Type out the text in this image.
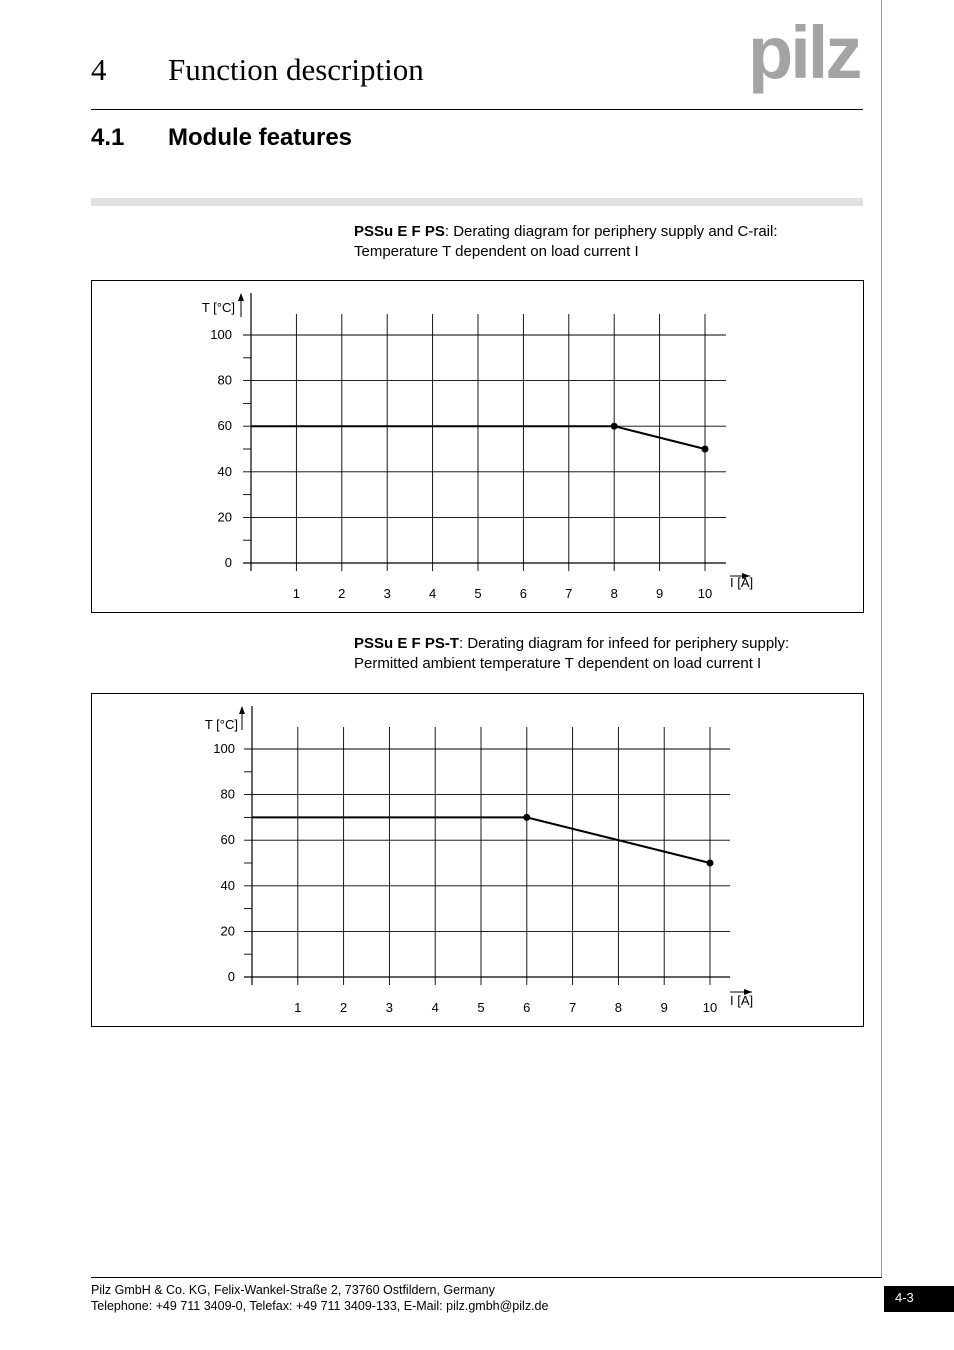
4 Function description	pilz
4.1 Module features
PSSu E F PS: Derating diagram for periphery supply and C-rail:
Temperature T dependent on load current I
0
20
40
60
80
100
1	2	3	4	5	6	7	8	9	10
T [°C]
I [A]
PSSu E F PS-T: Derating diagram for infeed for periphery supply:
Permitted ambient temperature T dependent on load current I
0
20
40
60
80
100
1	2	3	4	5	6	7	8	9	10
T [°C]
I [A]
Pilz GmbH & Co. KG, Felix-Wankel-Straße 2, 73760 Ostfildern, Germany
Telephone: +49 711 3409-0, Telefax: +49 711 3409-133, E-Mail: pilz.gmbh@pilz.de
4-3
